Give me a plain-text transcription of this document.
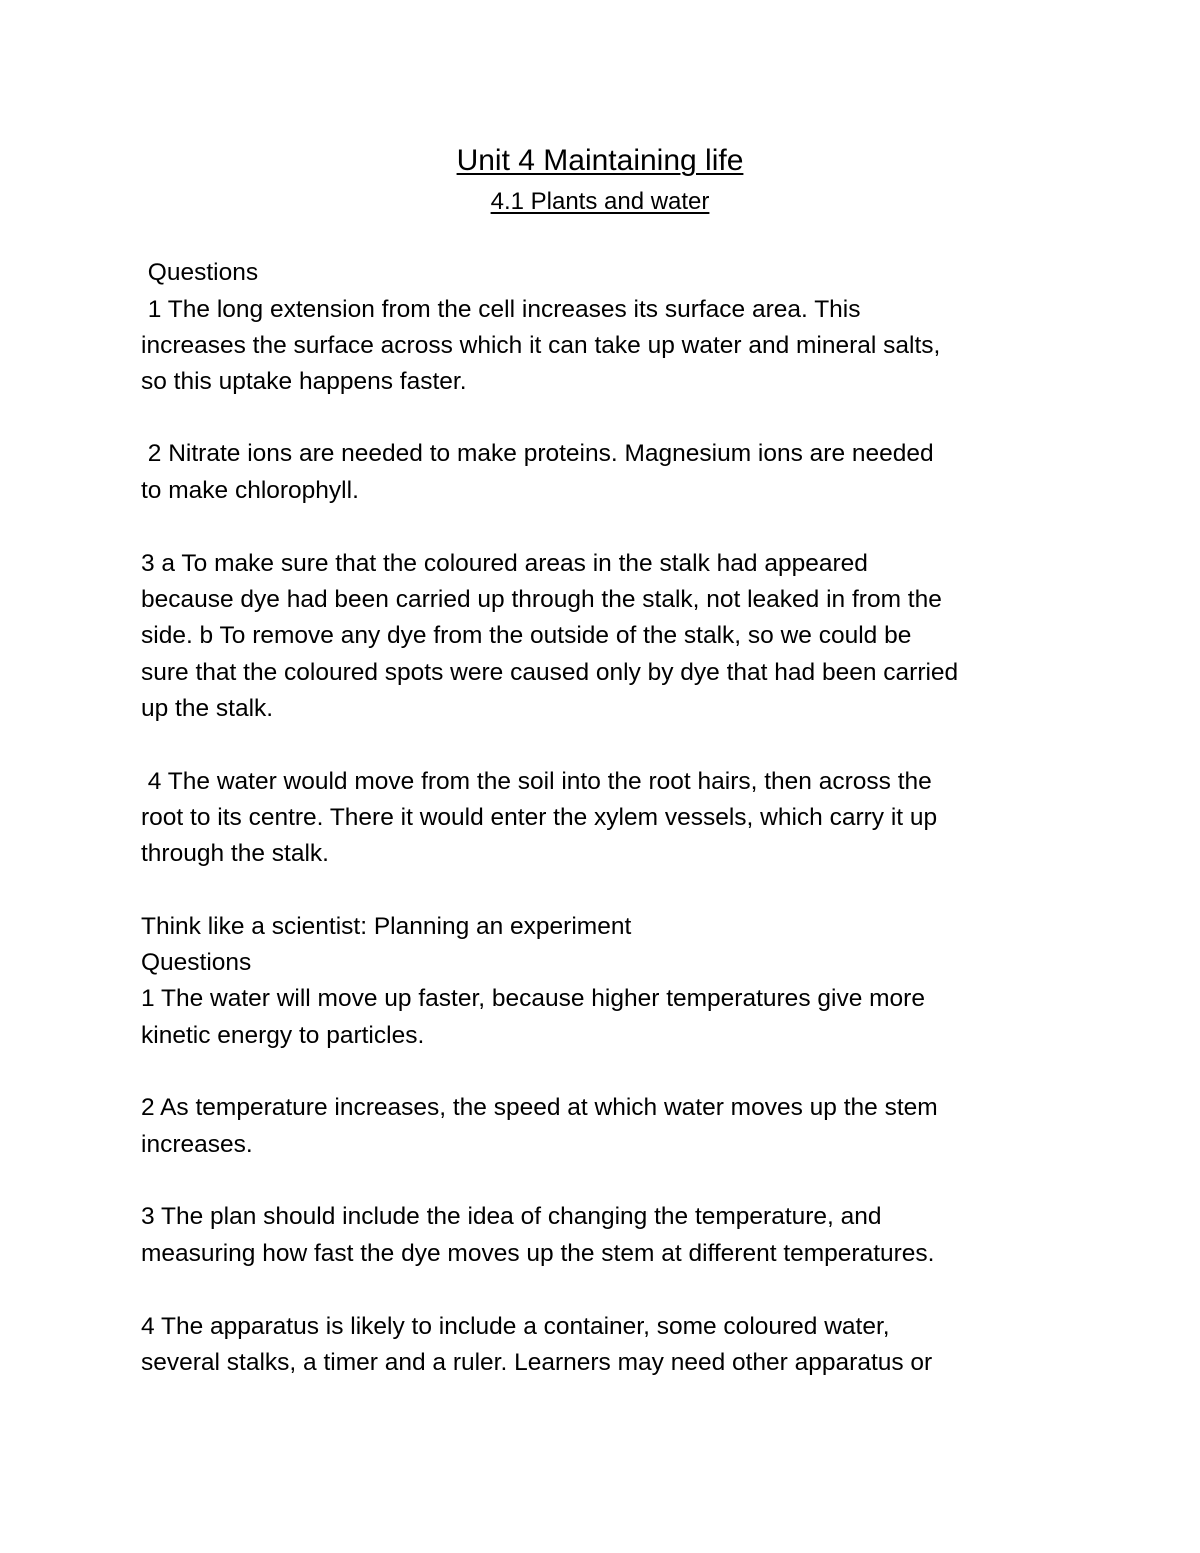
Unit 4 Maintaining life
4.1 Plants and water
Questions
1 The long extension from the cell increases its surface area. This
increases the surface across which it can take up water and mineral salts,
so this uptake happens faster.
2 Nitrate ions are needed to make proteins. Magnesium ions are needed
to make chlorophyll.
3 a To make sure that the coloured areas in the stalk had appeared
because dye had been carried up through the stalk, not leaked in from the
side. b To remove any dye from the outside of the stalk, so we could be
sure that the coloured spots were caused only by dye that had been carried
up the stalk.
4 The water would move from the soil into the root hairs, then across the
root to its centre. There it would enter the xylem vessels, which carry it up
through the stalk.
Think like a scientist: Planning an experiment
Questions
1 The water will move up faster, because higher temperatures give more
kinetic energy to particles.
2 As temperature increases, the speed at which water moves up the stem
increases.
3 The plan should include the idea of changing the temperature, and
measuring how fast the dye moves up the stem at different temperatures.
4 The apparatus is likely to include a container, some coloured water,
several stalks, a timer and a ruler. Learners may need other apparatus or
